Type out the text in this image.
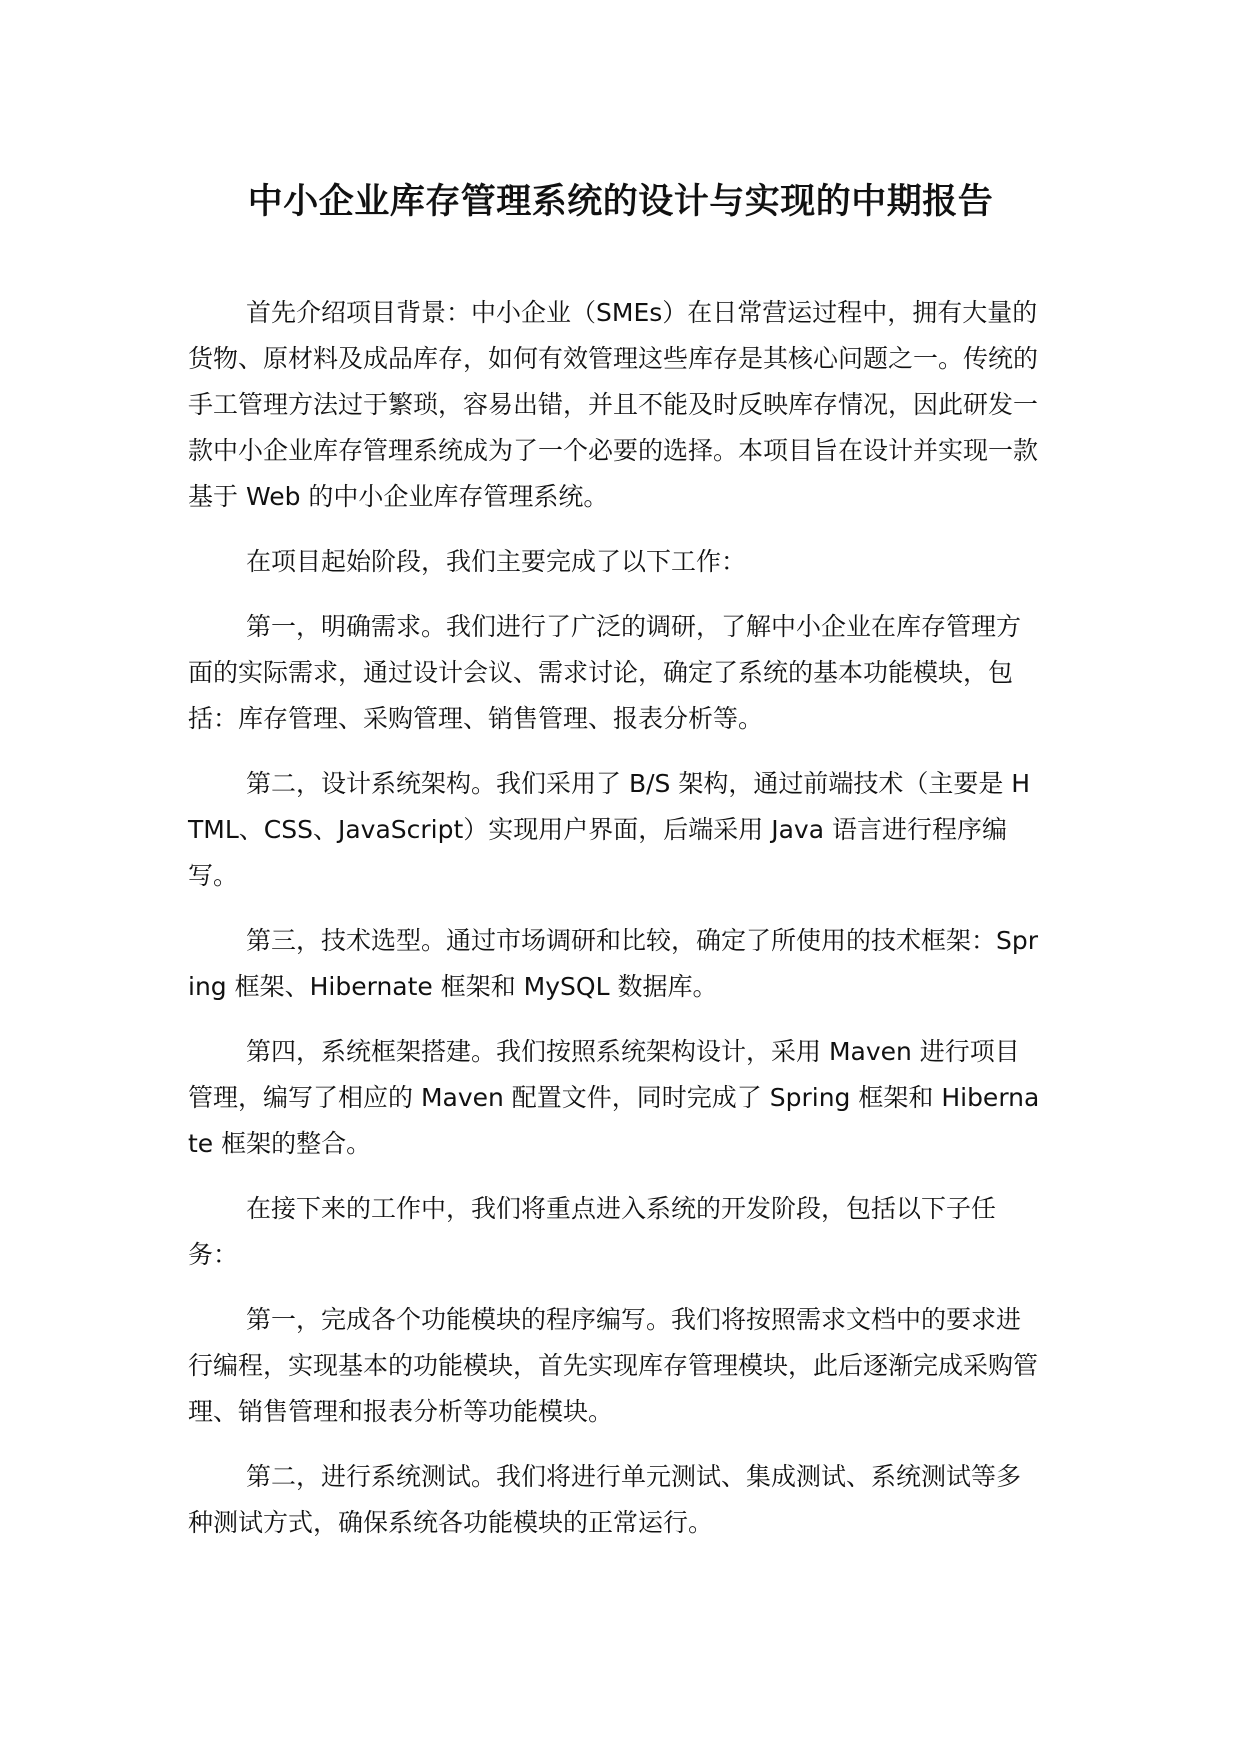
中小企业库存管理系统的设计与实现的中期报告

首先介绍项目背景：中小企业（SMEs）在日常营运过程中，拥有大量的货物、原材料及成品库存，如何有效管理这些库存是其核心问题之一。传统的手工管理方法过于繁琐，容易出错，并且不能及时反映库存情况，因此研发一款中小企业库存管理系统成为了一个必要的选择。本项目旨在设计并实现一款基于 Web 的中小企业库存管理系统。

在项目起始阶段，我们主要完成了以下工作：

第一，明确需求。我们进行了广泛的调研，了解中小企业在库存管理方面的实际需求，通过设计会议、需求讨论，确定了系统的基本功能模块，包括：库存管理、采购管理、销售管理、报表分析等。

第二，设计系统架构。我们采用了 B/S 架构，通过前端技术（主要是 HTML、CSS、JavaScript）实现用户界面，后端采用 Java 语言进行程序编写。

第三，技术选型。通过市场调研和比较，确定了所使用的技术框架：Spring 框架、Hibernate 框架和 MySQL 数据库。

第四，系统框架搭建。我们按照系统架构设计，采用 Maven 进行项目管理，编写了相应的 Maven 配置文件，同时完成了 Spring 框架和 Hibernate 框架的整合。

在接下来的工作中，我们将重点进入系统的开发阶段，包括以下子任务：

第一，完成各个功能模块的程序编写。我们将按照需求文档中的要求进行编程，实现基本的功能模块，首先实现库存管理模块，此后逐渐完成采购管理、销售管理和报表分析等功能模块。

第二，进行系统测试。我们将进行单元测试、集成测试、系统测试等多种测试方式，确保系统各功能模块的正常运行。
